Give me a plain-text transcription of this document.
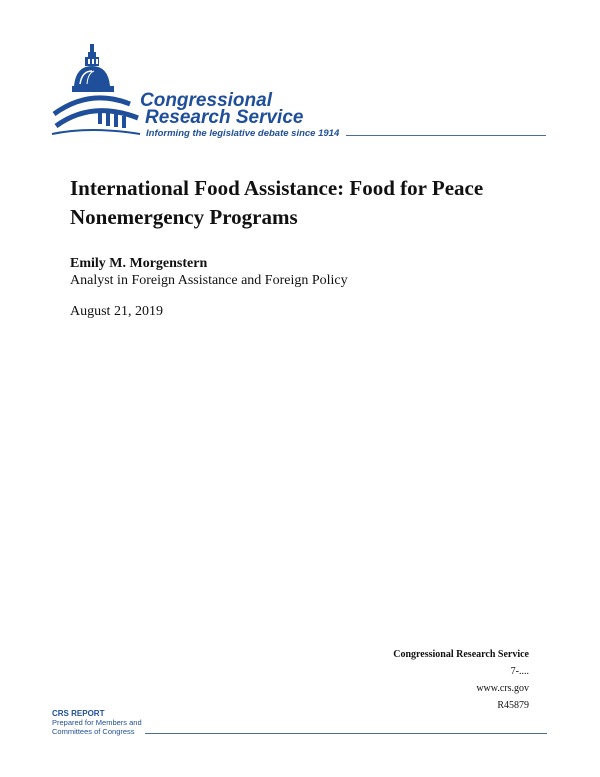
Congressional
Research Service
Informing the legislative debate since 1914
International Food Assistance: Food for Peace
Nonemergency Programs
Emily M. Morgenstern
Analyst in Foreign Assistance and Foreign Policy
August 21, 2019
Congressional Research Service
7-....
www.crs.gov
R45879
CRS REPORT
Prepared for Members and
Committees of Congress
